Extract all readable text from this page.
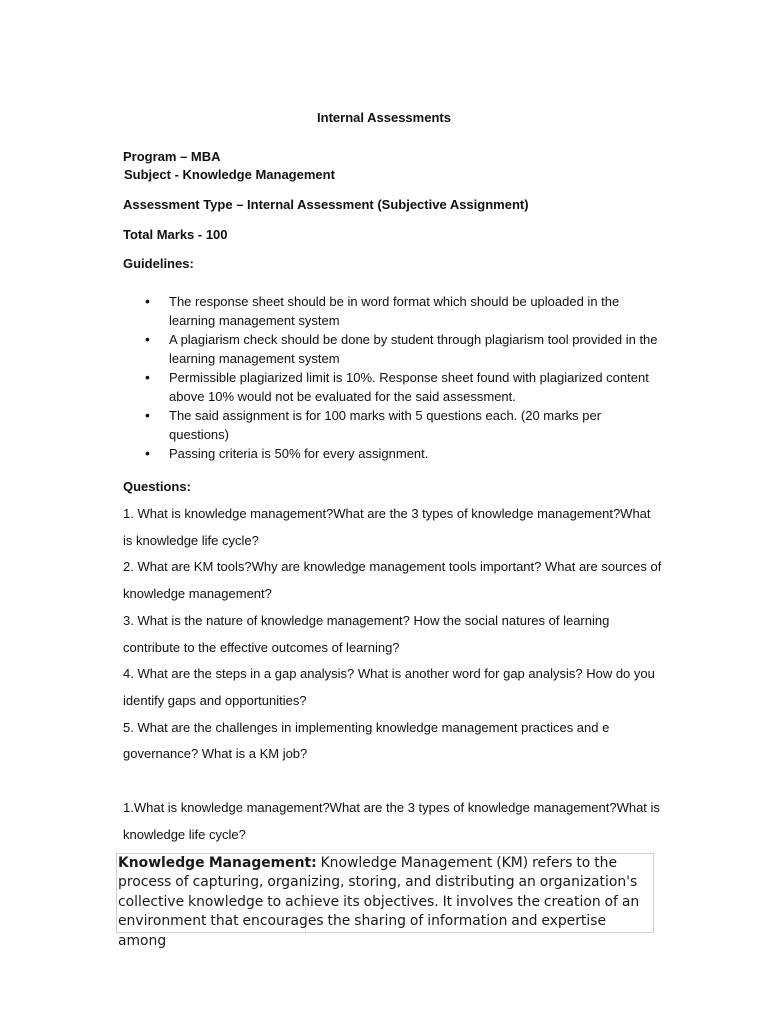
Internal Assessments
Program – MBA
Subject - Knowledge Management
Assessment Type – Internal Assessment (Subjective Assignment)
Total Marks - 100
Guidelines:
• The response sheet should be in word format which should be uploaded in the learning management system
• A plagiarism check should be done by student through plagiarism tool provided in the learning management system
• Permissible plagiarized limit is 10%. Response sheet found with plagiarized content above 10% would not be evaluated for the said assessment.
• The said assignment is for 100 marks with 5 questions each. (20 marks per questions)
• Passing criteria is 50% for every assignment.
Questions:

1. What is knowledge management?What are the 3 types of knowledge management?What is knowledge life cycle?

2. What are KM tools?Why are knowledge management tools important? What are sources of knowledge management?

3. What is the nature of knowledge management? How the social natures of learning contribute to the effective outcomes of learning?

4. What are the steps in a gap analysis? What is another word for gap analysis? How do you identify gaps and opportunities?

5. What are the challenges in implementing knowledge management practices and e governance? What is a KM job?

1.What is knowledge management?What are the 3 types of knowledge management?What is knowledge life cycle?
Knowledge Management: Knowledge Management (KM) refers to the process of capturing, organizing, storing, and distributing an organization's collective knowledge to achieve its objectives. It involves the creation of an environment that encourages the sharing of information and expertise among
